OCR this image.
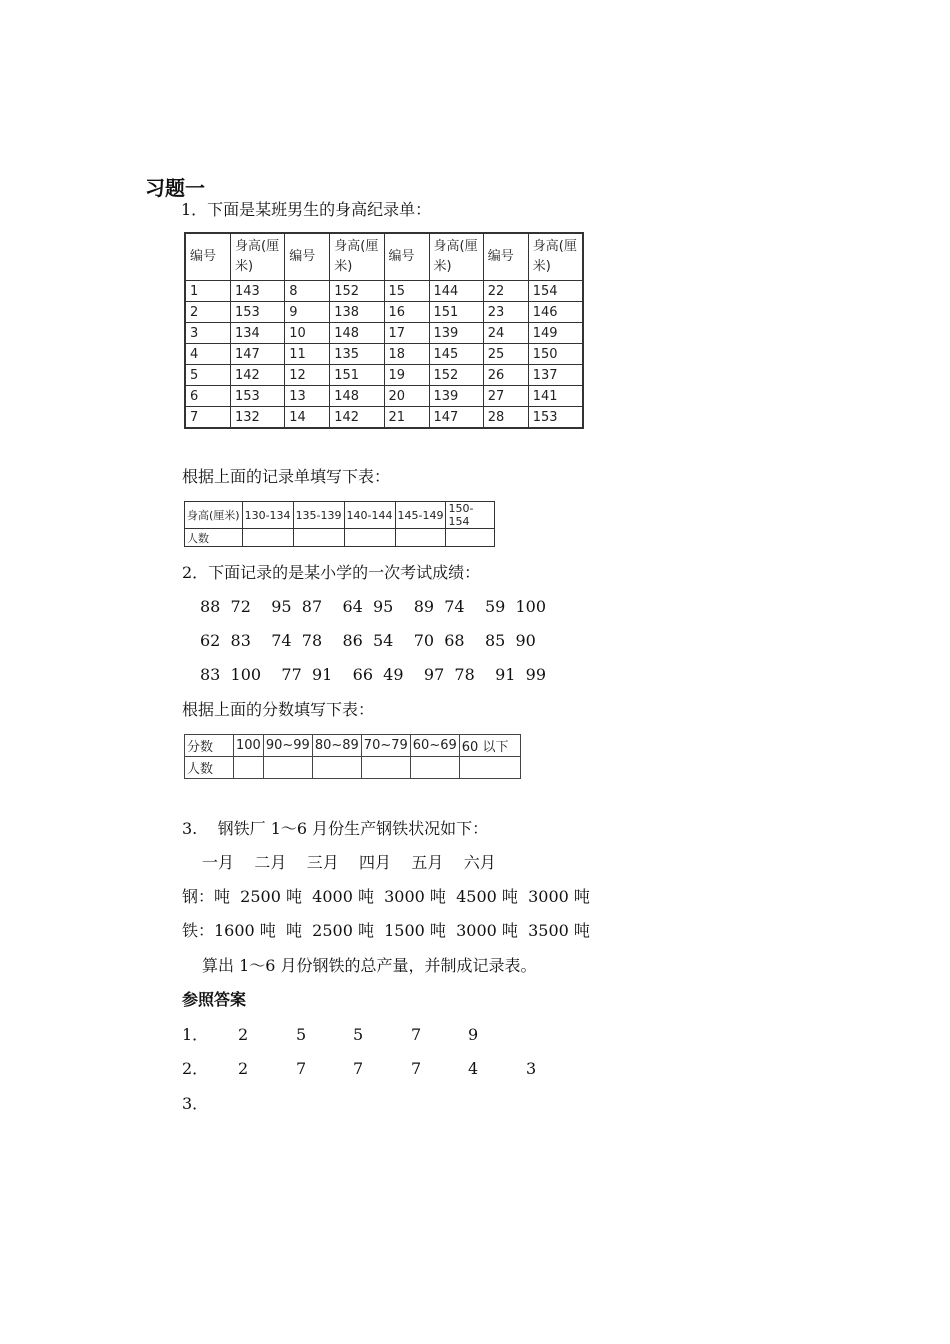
习题一
1．下面是某班男生的身高纪录单：
编号	身高(厘米)	编号	身高(厘米)	编号	身高(厘米)	编号	身高(厘米)
1	143	8	152	15	144	22	154
2	153	9	138	16	151	23	146
3	134	10	148	17	139	24	149
4	147	11	135	18	145	25	150
5	142	12	151	19	152	26	137
6	153	13	148	20	139	27	141
7	132	14	142	21	147	28	153
根据上面的记录单填写下表：
身高(厘米)	130-134	135-139	140-144	145-149	150-154
人数					
2．下面记录的是某小学的一次考试成绩：
88  72    95  87    64  95    89  74    59  100
62  83    74  78    86  54    70  68    85  90
83  100    77  91    66  49    97  78    91  99
根据上面的分数填写下表：
分数	100	90~99	80~89	70~79	60~69	60 以下
人数						
3.    钢铁厂 1～6 月份生产钢铁状况如下：
一月    二月    三月    四月    五月    六月
钢：吨  2500 吨  4000 吨  3000 吨  4500 吨  3000 吨
铁：1600 吨  吨  2500 吨  1500 吨  3000 吨  3500 吨
算出 1～6 月份钢铁的总产量，并制成记录表。
参照答案
1． 2	5	5	7	9
2． 2	7	7	7	4	3
3．
